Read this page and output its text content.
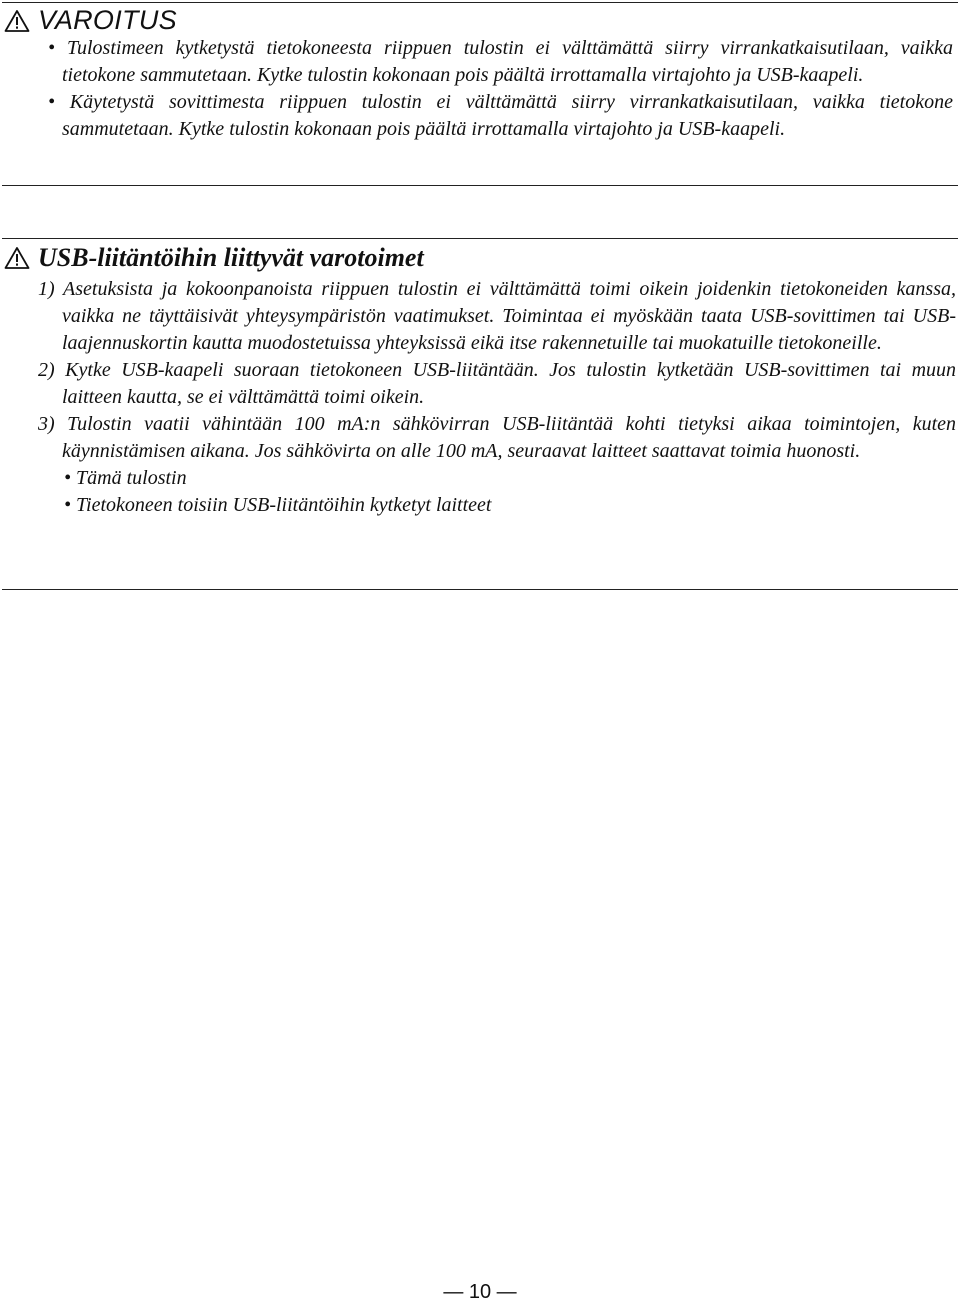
VAROITUS

• Tulostimeen kytketystä tietokoneesta riippuen tulostin ei välttämättä siirry virrankatkaisutilaan, vaikka tietokone sammutetaan. Kytke tulostin kokonaan pois päältä irrottamalla virtajohto ja USB-kaapeli.

• Käytetystä sovittimesta riippuen tulostin ei välttämättä siirry virrankatkaisutilaan, vaikka tietokone sammutetaan. Kytke tulostin kokonaan pois päältä irrottamalla virtajohto ja USB-kaapeli.

USB-liitäntöihin liittyvät varotoimet

1) Asetuksista ja kokoonpanoista riippuen tulostin ei välttämättä toimi oikein joidenkin tietokoneiden kanssa, vaikka ne täyttäisivät yhteysympäristön vaatimukset. Toimintaa ei myöskään taata USB-sovittimen tai USB-laajennuskortin kautta muodostetuissa yhteyksissä eikä itse rakennetuille tai muokatuille tietokoneille.

2) Kytke USB-kaapeli suoraan tietokoneen USB-liitäntään. Jos tulostin kytketään USB-sovittimen tai muun laitteen kautta, se ei välttämättä toimi oikein.

3) Tulostin vaatii vähintään 100 mA:n sähkövirran USB-liitäntää kohti tietyksi aikaa toimintojen, kuten käynnistämisen aikana. Jos sähkövirta on alle 100 mA, seuraavat laitteet saattavat toimia huonosti.

• Tämä tulostin

• Tietokoneen toisiin USB-liitäntöihin kytketyt laitteet

— 10 —
